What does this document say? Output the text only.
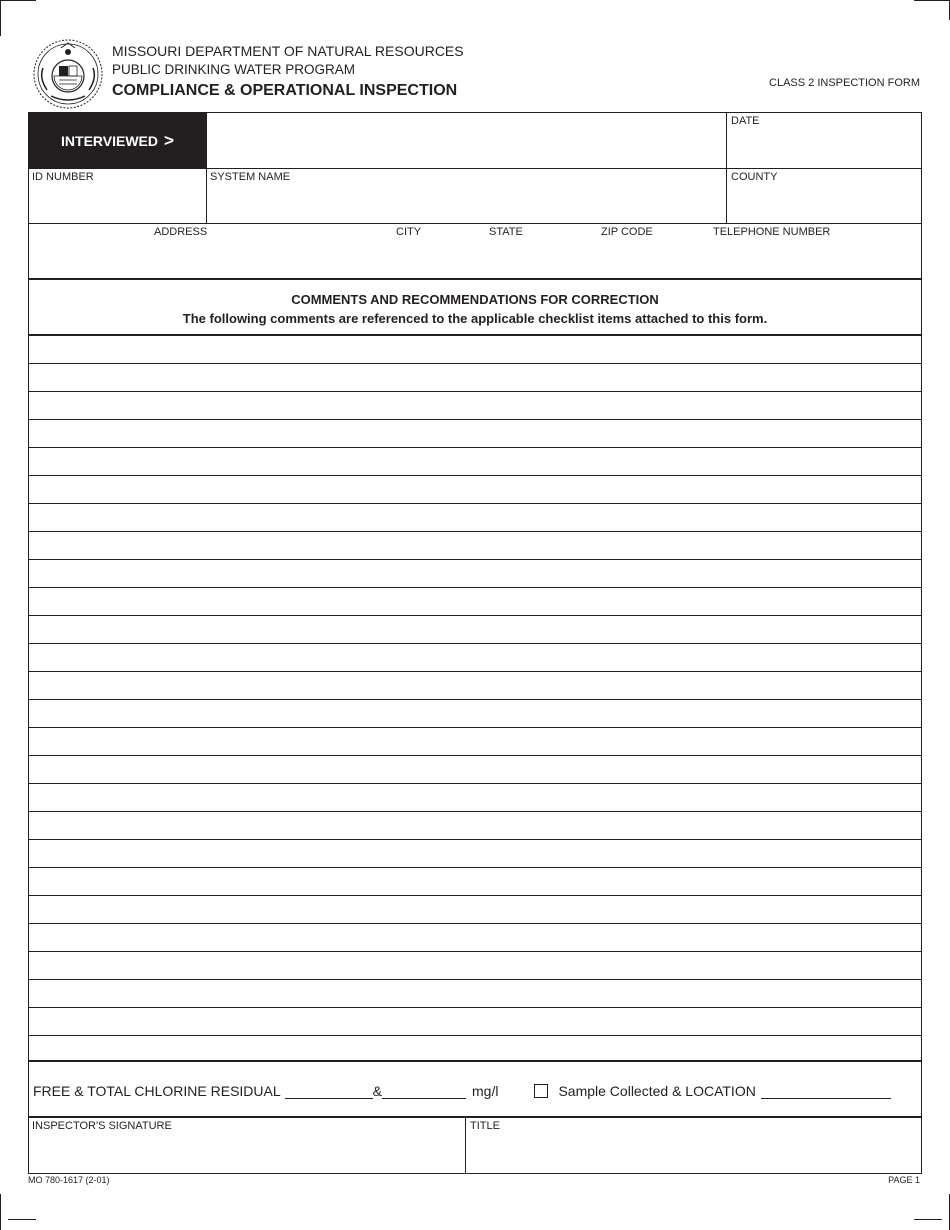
MISSOURI DEPARTMENT OF NATURAL RESOURCES
PUBLIC DRINKING WATER PROGRAM
COMPLIANCE & OPERATIONAL INSPECTION	CLASS 2 INSPECTION FORM
INTERVIEWED >
DATE
ID NUMBER	SYSTEM NAME	COUNTY
ADDRESS	CITY	STATE	ZIP CODE	TELEPHONE NUMBER
COMMENTS AND RECOMMENDATIONS FOR CORRECTION
The following comments are referenced to the applicable checklist items attached to this form.
FREE & TOTAL CHLORINE RESIDUAL	&	mg/l	Sample Collected & LOCATION
INSPECTOR'S SIGNATURE	TITLE
MO 780-1617 (2-01)	PAGE 1
